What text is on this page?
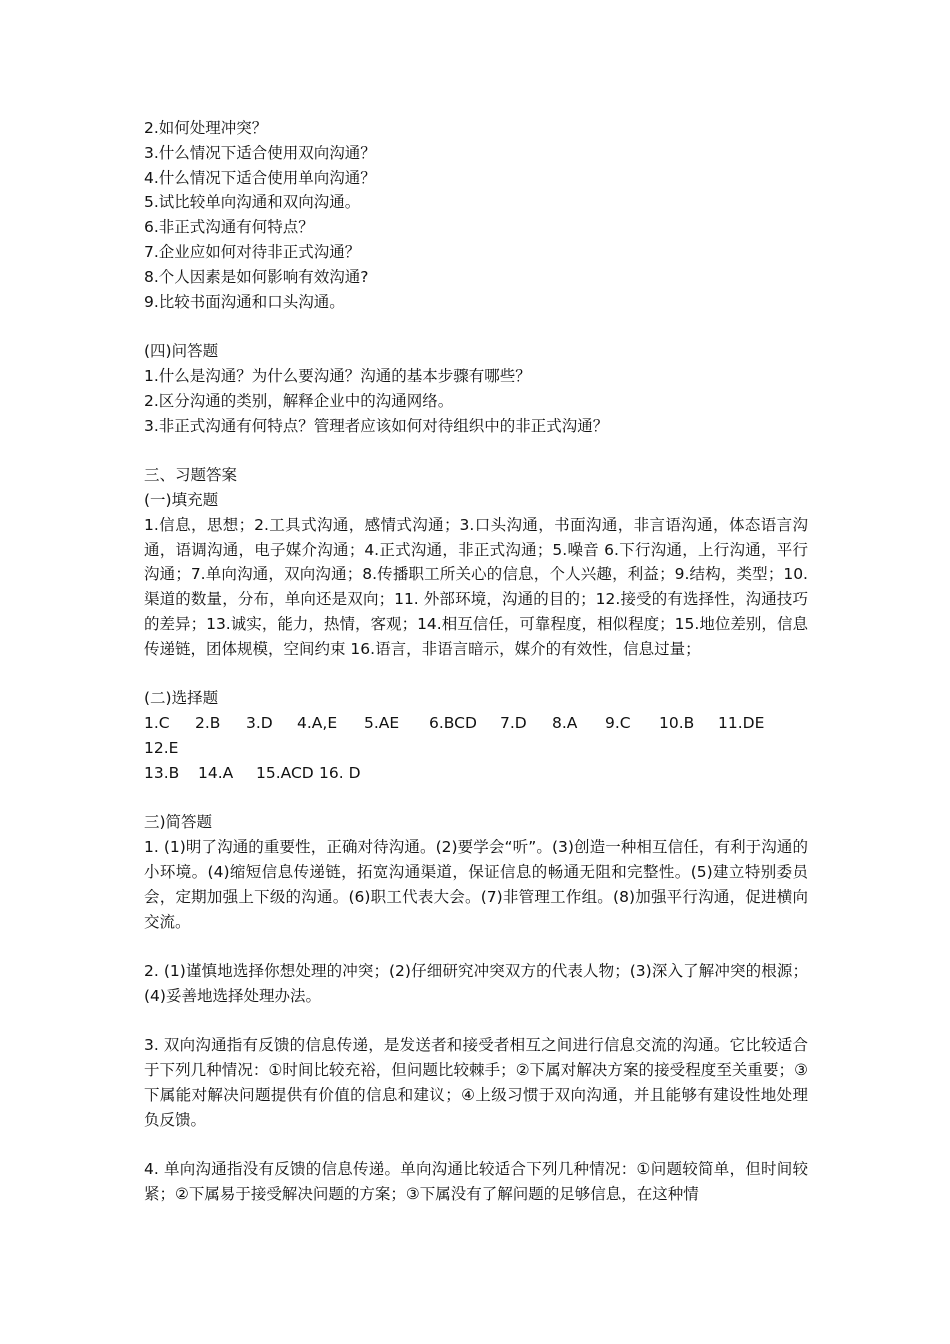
2.如何处理冲突？
3.什么情况下适合使用双向沟通？
4.什么情况下适合使用单向沟通？
5.试比较单向沟通和双向沟通。
6.非正式沟通有何特点？
7.企业应如何对待非正式沟通？
8.个人因素是如何影响有效沟通?
9.比较书面沟通和口头沟通。
(四)问答题
1.什么是沟通？为什么要沟通？沟通的基本步骤有哪些？
2.区分沟通的类别，解释企业中的沟通网络。
3.非正式沟通有何特点？管理者应该如何对待组织中的非正式沟通？
三、习题答案
(一)填充题
1.信息，思想；2.工具式沟通，感情式沟通；3.口头沟通，书面沟通，非言语沟通，体态语言沟通，语调沟通，电子媒介沟通；4.正式沟通，非正式沟通；5.噪音 6.下行沟通，上行沟通，平行沟通；7.单向沟通，双向沟通；8.传播职工所关心的信息，个人兴趣，利益；9.结构，类型；10.渠道的数量，分布，单向还是双向；11. 外部环境，沟通的目的；12.接受的有选择性，沟通技巧的差异；13.诚实，能力，热情，客观；14.相互信任，可靠程度，相似程度；15.地位差别，信息传递链，团体规模，空间约束 16.语言，非语言暗示，媒介的有效性，信息过量；
(二)选择题
1.C	2.B	3.D	4.A,E	5.AE	6.BCD	7.D	8.A	9.C	10.B	11.DE
12.E
13.B	14.A	15.ACD 16. D
三)简答题
1. (1)明了沟通的重要性，正确对待沟通。(2)要学会“听”。(3)创造一种相互信任，有利于沟通的小环境。(4)缩短信息传递链，拓宽沟通渠道，保证信息的畅通无阻和完整性。(5)建立特别委员会，定期加强上下级的沟通。(6)职工代表大会。(7)非管理工作组。(8)加强平行沟通，促进横向交流。
2. (1)谨慎地选择你想处理的冲突；(2)仔细研究冲突双方的代表人物；(3)深入了解冲突的根源；(4)妥善地选择处理办法。
3. 双向沟通指有反馈的信息传递，是发送者和接受者相互之间进行信息交流的沟通。它比较适合于下列几种情况：①时间比较充裕，但问题比较棘手；②下属对解决方案的接受程度至关重要；③下属能对解决问题提供有价值的信息和建议；④上级习惯于双向沟通，并且能够有建设性地处理负反馈。
4. 单向沟通指没有反馈的信息传递。单向沟通比较适合下列几种情况：①问题较简单，但时间较紧；②下属易于接受解决问题的方案；③下属没有了解问题的足够信息，在这种情
